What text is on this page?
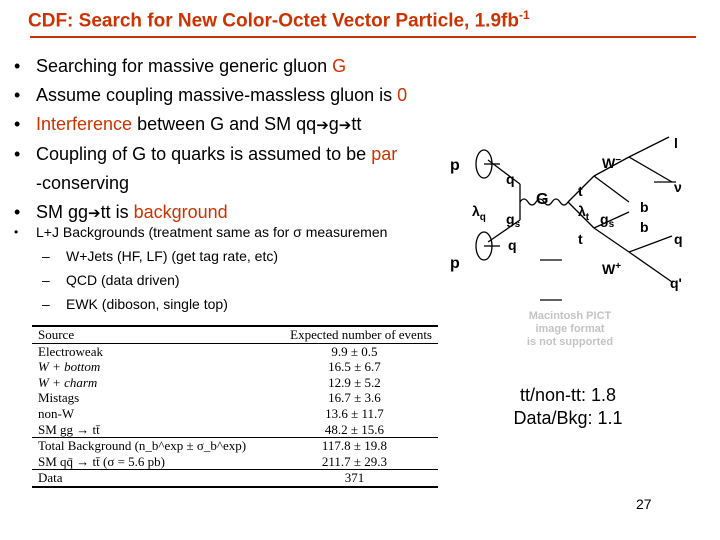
CDF: Search for New Color-Octet Vector Particle, $1.9fb^{-1}$
• Searching for massive generic gluon G
• Assume coupling massive-massless gluon is 0
• Interference between G and SM qq➔g➔tt
• Coupling of G to quarks is assumed to be par
-conserving
• SM gg➔tt is background
• L+J Backgrounds (treatment same as for σ measuremen
– W+Jets (HF, LF) (get tag rate, etc)
– QCD (data driven)
– EWK (diboson, single top)
Source	Expected number of events
Electroweak	9.9 ± 0.5
W + bottom	16.5 ± 6.7
W + charm	12.9 ± 5.2
Mistags	16.7 ± 3.6
non-W	13.6 ± 11.7
SM gg → tt̄	48.2 ± 15.6
Total Background (n_b^exp ± σ_b^exp)	117.8 ± 19.8
SM qq̄ → tt̄ (σ = 5.6 pb)	211.7 ± 29.3
Data	371
p
q
G
$\lambda_q$ $g_s$
q
p
W−
l
ν
t
$\lambda_t$
t
$g_s$
b
b
q
W+
q'
Macintosh PICT
image format
is not supported
tt/non-tt: 1.8
Data/Bkg: 1.1
27
